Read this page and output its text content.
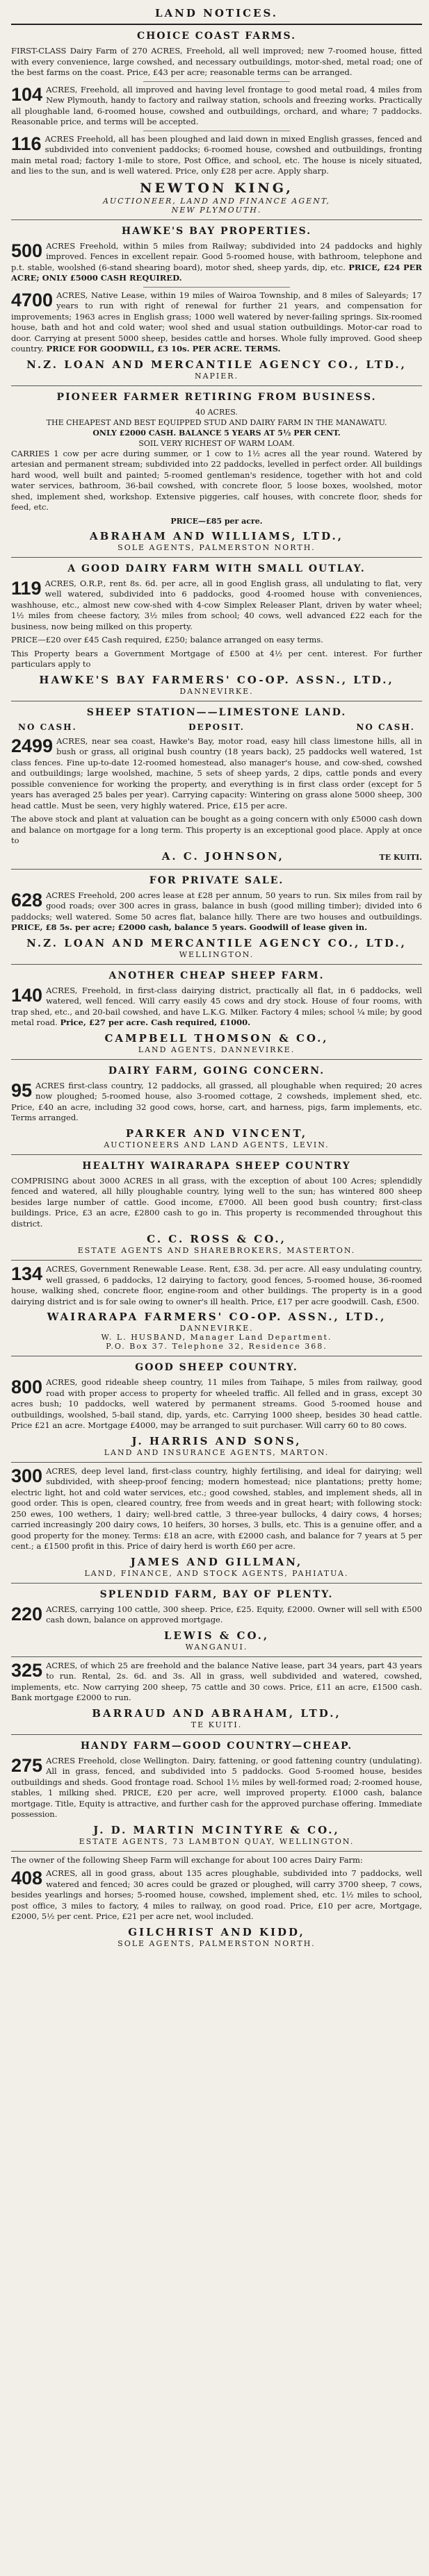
LAND NOTICES.
CHOICE COAST FARMS.
FIRST-CLASS Dairy Farm of 270 ACRES, Freehold, all well improved; new 7-roomed house, fitted with every convenience, large cowshed, and necessary outbuildings, motor-shed, metal road; one of the best farms on the coast. Price, £43 per acre; reasonable terms can be arranged.
104 ACRES, Freehold, all improved and having level frontage to good metal road, 4 miles from New Plymouth, handy to factory and railway station, schools and freezing works. Practically all ploughable land, 6-roomed house, cowshed and outbuildings, orchard, and whare; 7 paddocks. Reasonable price, and terms will be accepted.
116 ACRES Freehold, all has been ploughed and laid down in mixed English grasses, fenced and subdivided into convenient paddocks; 6-roomed house, cowshed and outbuildings, fronting main metal road; factory 1-mile to store, Post Office, and school, etc. The house is nicely situated, and lies to the sun, and is well watered. Price, only £28 per acre. Apply sharp.
NEWTON KING,
AUCTIONEER, LAND AND FINANCE AGENT,
NEW PLYMOUTH.
HAWKE'S BAY PROPERTIES.
500 ACRES Freehold, within 5 miles from Railway; subdivided into 24 paddocks and highly improved. Fences in excellent repair. Good 5-roomed house, with bathroom, telephone and p.t. stable, woolshed (6-stand shearing board), motor shed, sheep yards, dip, etc. PRICE, £24 PER ACRE; ONLY £5000 CASH REQUIRED.
4700 ACRES, Native Lease, within 19 miles of Wairoa Township, and 8 miles of Saleyards; 17 years to run with right of renewal for further 21 years, and compensation for improvements; 1963 acres in English grass; 1000 well watered by never-failing springs. Six-roomed house, bath and hot and cold water; wool shed and usual station outbuildings. Motor-car road to door. Carrying at present 5000 sheep, besides cattle and horses. Whole fully improved. Good sheep country. PRICE FOR GOODWILL, £3 10s. PER ACRE. TERMS.
N.Z. LOAN AND MERCANTILE AGENCY CO., LTD.,
NAPIER.
PIONEER FARMER RETIRING FROM BUSINESS.
40 ACRES.
THE CHEAPEST AND BEST EQUIPPED STUD AND DAIRY FARM IN THE MANAWATU.
ONLY £2000 CASH. BALANCE 5 YEARS AT 5½ PER CENT.
SOIL VERY RICHEST OF WARM LOAM.
CARRIES 1 cow per acre during summer, or 1 cow to 1½ acres all the year round. Watered by artesian and permanent stream; subdivided into 22 paddocks, levelled in perfect order. All buildings hard wood, well built and painted; 5-roomed gentleman's residence, together with hot and cold water services, bathroom, 36-bail cowshed, with concrete floor, 5 loose boxes, woolshed, motor shed, implement shed, workshop. Extensive piggeries, calf houses, with concrete floor, sheds for feed, etc.
PRICE—£85 per acre.
ABRAHAM AND WILLIAMS, LTD.,
SOLE AGENTS, PALMERSTON NORTH.
A GOOD DAIRY FARM WITH SMALL OUTLAY.
119 ACRES, O.R.P., rent 8s. 6d. per acre, all in good English grass, all undulating to flat, very well watered, subdivided into 6 paddocks, good 4-roomed house with conveniences, washhouse, etc., almost new cow-shed with 4-cow Simplex Releaser Plant, driven by water wheel; 1½ miles from cheese factory, 3½ miles from school; 40 cows, well advanced £22 each for the business, now being milked on this property.
PRICE—£20 over £45 Cash required, £250; balance arranged on easy terms.
This Property bears a Government Mortgage of £500 at 4½ per cent. interest. For further particulars apply to
HAWKE'S BAY FARMERS' CO-OP. ASSN., LTD.,
DANNEVIRKE.
SHEEP STATION——LIMESTONE LAND.
NO CASH.	DEPOSIT.	NO CASH.
2499 ACRES, near sea coast, Hawke's Bay, motor road, easy hill class limestone hills, all in bush or grass, all original bush country (18 years back), 25 paddocks well watered, 1st class fences. Fine up-to-date 12-roomed homestead, also manager's house, and cow-shed, cowshed and outbuildings; large woolshed, machine, 5 sets of sheep yards, 2 dips, cattle ponds and every possible convenience for working the property, and everything is in first class order (except for 5 years has averaged 25 bales per year). Carrying capacity: Wintering on grass alone 5000 sheep, 300 head cattle. Must be seen, very highly watered. Price, £15 per acre.
The above stock and plant at valuation can be bought as a going concern with only £5000 cash down and balance on mortgage for a long term. This property is an exceptional good place. Apply at once to
A. C. JOHNSON,	TE KUITI.
FOR PRIVATE SALE.
628 ACRES Freehold, 200 acres lease at £28 per annum, 50 years to run. Six miles from rail by good roads; over 300 acres in grass, balance in bush (good milling timber); divided into 6 paddocks; well watered. Some 50 acres flat, balance hilly. There are two houses and outbuildings. PRICE, £8 5s. per acre; £2000 cash, balance 5 years. Goodwill of lease given in.
N.Z. LOAN AND MERCANTILE AGENCY CO., LTD.,
WELLINGTON.
ANOTHER CHEAP SHEEP FARM.
140 ACRES, Freehold, in first-class dairying district, practically all flat, in 6 paddocks, well watered, well fenced. Will carry easily 45 cows and dry stock. House of four rooms, with trap shed, etc., and 20-bail cowshed, and have L.K.G. Milker. Factory 4 miles; school ¼ mile; by good metal road. Price, £27 per acre. Cash required, £1000.
CAMPBELL THOMSON & CO.,
LAND AGENTS, DANNEVIRKE.
DAIRY FARM, GOING CONCERN.
95 ACRES first-class country, 12 paddocks, all grassed, all ploughable when required; 20 acres now ploughed; 5-roomed house, also 3-roomed cottage, 2 cowsheds, implement shed, etc. Price, £40 an acre, including 32 good cows, horse, cart, and harness, pigs, farm implements, etc. Terms arranged.
PARKER AND VINCENT,
AUCTIONEERS AND LAND AGENTS, LEVIN.
HEALTHY WAIRARAPA SHEEP COUNTRY
COMPRISING about 3000 ACRES in all grass, with the exception of about 100 Acres; splendidly fenced and watered, all hilly ploughable country, lying well to the sun; has wintered 800 sheep besides large number of cattle. Good income, £7000. All been good bush country; first-class buildings. Price, £3 an acre, £2800 cash to go in. This property is recommended throughout this district.
C. C. ROSS & CO.,
ESTATE AGENTS AND SHAREBROKERS, MASTERTON.
134 ACRES, Government Renewable Lease. Rent, £38. 3d. per acre. All easy undulating country, well grassed, 6 paddocks, 12 dairying to factory, good fences, 5-roomed house, 36-roomed house, walking shed, concrete floor, engine-room and other buildings. The property is in a good dairying district and is for sale owing to owner's ill health. Price, £17 per acre goodwill. Cash, £500.
WAIRARAPA FARMERS' CO-OP. ASSN., LTD.,
DANNEVIRKE.
W. L. HUSBAND, Manager Land Department.
P.O. Box 37. Telephone 32, Residence 368.
GOOD SHEEP COUNTRY.
800 ACRES, good rideable sheep country, 11 miles from Taihape, 5 miles from railway, good road with proper access to property for wheeled traffic. All felled and in grass, except 30 acres bush; 10 paddocks, well watered by permanent streams. Good 5-roomed house and outbuildings, woolshed, 5-bail stand, dip, yards, etc. Carrying 1000 sheep, besides 30 head cattle. Price £21 an acre. Mortgage £4000, may be arranged to suit purchaser. Will carry 60 to 80 cows.
J. HARRIS AND SONS,
LAND AND INSURANCE AGENTS, MARTON.
300 ACRES, deep level land, first-class country, highly fertilising, and ideal for dairying; well subdivided, with sheep-proof fencing; modern homestead; nice plantations; pretty home; electric light, hot and cold water services, etc.; good cowshed, stables, and implement sheds, all in good order. This is open, cleared country, free from weeds and in great heart; with following stock: 250 ewes, 100 wethers, 1 dairy; well-bred cattle, 3 three-year bullocks, 4 dairy cows, 4 horses; carried increasingly 200 dairy cows, 10 heifers, 30 horses, 3 bulls, etc. This is a genuine offer, and a good property for the money. Terms: £18 an acre, with £2000 cash, and balance for 7 years at 5 per cent.; a £1500 profit in this. Price of dairy herd is worth £60 per acre.
JAMES AND GILLMAN,
LAND, FINANCE, AND STOCK AGENTS, PAHIATUA.
SPLENDID FARM, BAY OF PLENTY.
220 ACRES, carrying 100 cattle, 300 sheep. Price, £25. Equity, £2000. Owner will sell with £500 cash down, balance on approved mortgage.
LEWIS & CO.,
WANGANUI.
325 ACRES, of which 25 are freehold and the balance Native lease, part 34 years, part 43 years to run. Rental, 2s. 6d. and 3s. All in grass, well subdivided and watered, cowshed, implements, etc. Now carrying 200 sheep, 75 cattle and 30 cows. Price, £11 an acre, £1500 cash. Bank mortgage £2000 to run.
BARRAUD AND ABRAHAM, LTD.,
TE KUITI.
HANDY FARM—GOOD COUNTRY—CHEAP.
275 ACRES Freehold, close Wellington. Dairy, fattening, or good fattening country (undulating). All in grass, fenced, and subdivided into 5 paddocks. Good 5-roomed house, besides outbuildings and sheds. Good frontage road. School 1½ miles by well-formed road; 2-roomed house, stables, 1 milking shed. PRICE, £20 per acre, well improved property. £1000 cash, balance mortgage. Title, Equity is attractive, and further cash for the approved purchase offering. Immediate possession.
J. D. MARTIN MCINTYRE & CO.,
ESTATE AGENTS, 73 LAMBTON QUAY, WELLINGTON.
The owner of the following Sheep Farm will exchange for about 100 acres Dairy Farm:
408 ACRES, all in good grass, about 135 acres ploughable, subdivided into 7 paddocks, well watered and fenced; 30 acres could be grazed or ploughed, will carry 3700 sheep, 7 cows, besides yearlings and horses; 5-roomed house, cowshed, implement shed, etc. 1½ miles to school, post office, 3 miles to factory, 4 miles to railway, on good road. Price, £10 per acre, Mortgage, £2000, 5½ per cent. Price, £21 per acre net, wool included.
GILCHRIST AND KIDD,
SOLE AGENTS, PALMERSTON NORTH.
